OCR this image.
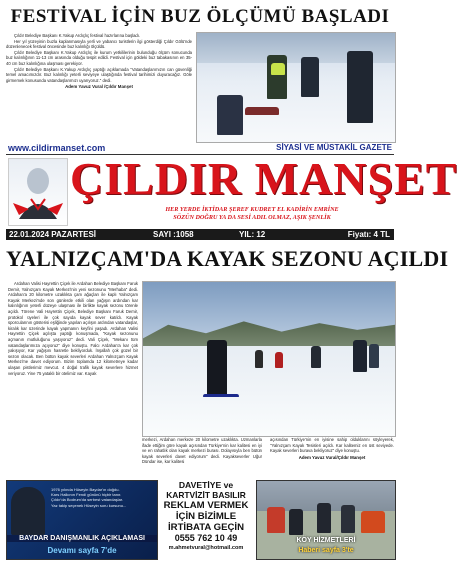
FESTİVAL İÇİN BUZ ÖLÇÜMÜ BAŞLADI
Çıldır Belediye Başkanı K.Yakup Ardıçlıç festival hazırlarına başladı.
Her yıl yüzeyinin buzla kaplanmasıyla yerli ve yabancı turistlerin ilgi gösterdiği Çıldır Gölü'nde düzenlenecek festival öncesinde buz kalınlığı ölçüldü.
Çıldır Belediye Başkanı K.Yakup Ardıçlıç ile kurum yetkililerinin bulunduğu ölçüm sonucunda buz kalınlığının 11-13 cm arasında olduğu tespit edildi. Festival için göldeki buz tabakasının en 35-40 cm buz kalınlığına ulaşması gerekiyor.
Çıldır Belediye Başkanı K.Yakup Ardıçlıç yaptığı açıklamada "Vatandaşlarımızın can güvenliği temel amacımızdır. Buz kalınlığı yeterli seviyeye ulaştığında festival tarihimizi duyuracağız. Göle girmemek konusunda vatandaşlarımızı uyarıyoruz." dedi.
Adem Yavuz Vural /Çıldır Manşet
www.cildirmanset.com	SİYASİ VE MÜSTAKİL GAZETE
ÇILDIR MANŞET
HER YERDE İKTİDAR ŞEREF KUDRET EL KADİRİN EMRİNE
SÖZÜN DOĞRU YA DA SESİ ADIL OLMAZ, AŞIK ŞENLİK
22.01.2024 PAZARTESİ	SAYI :1058	YIL: 12	Fiyatı: 4 TL
YALNIZÇAM'DA KAYAK SEZONU AÇILDI
Ardahan Valisi Hayrettin Çiçek ile Ardahan Belediye Başkanı Faruk Demir, Yalnızçam Kayak Merkezi'nin yeni sezonunu "Merhaba" dedi. Ardahan'a 20 kilometre uzaklıkta çam ağaçları ile kaplı Yalnızçam Kayak Merkezi'nde son günlerde etkili olan yağışın ardından kar kalınlığının yeterli düzeye ulaşması ile birlikte kayak sezonu törenle açıldı. Törene Vali Hayrettin Çiçek, Belediye Başkanı Faruk Demir, protokol üyeleri ile çok sayıda kayak sever katıldı. Kayak sporcularının gösterisi eşliğinde yapılan açılışın ardından vatandaşlar, kiralık kar üzerinde kayak yapmanın keyfini yaşadı. Ardahan Valisi Hayrettin Çiçek açılışta yaptığı konuşmada, "Kayak sezonunu açmanın mutluluğunu yaşıyoruz" dedi. Vali Çiçek, "Mekanı tüm vatandaşlarımıza açıyoruz" diye konuştu. Falcı Ardahan'a kar çok yakışıyor, Kar yağışını hasretle bekliyorduk. İnşallah çok güzel bir sezon olacak. Ben bütün kayak severleri Ardahan Yalnızçam Kayak Merkezi'ne davet ediyorum. Bizim toplamda 12 kilometreye kadar ulaşan pistlerimiz mevcut. 4 doğal trafik kayak severlere hizmet veriyoruz. Yine 75 yataklı bir otelimiz var. Kayak
merkezi, Ardahan merkeze 20 kilometre uzaklıkta. Uzmanlarla ifade ettiğim göre kayak açısından Türkiye'nin kar kalitesi en iyi ve en rahatlık olan kayak merkezi burası. Dolayısıyla ben bütün kayak severleri davet ediyorum" dedi. Kayakseverler Uğur Dündar ise, kar kalitesi
açısından Türkiye'nin en iyisine sahip olduklarını söyleyerek, "Yalnızçam Kayak Tesisleri açıldı. Kar kalitemiz en üst seviyede. Kayak severleri burava bekliyoruz" diye konuştu.
Adem Yavuz Vural/Çıldır Manşet
1976 yılında Hüseyin Baydar'ın doğdu.
Kars Halkının Fendi gününü hiçbir tanır.
Çıldır'da Bodrum'da serbest vatandaşlar.
Yaz takip seçenek Hüseyin soru kursunu...
BAYDAR DANIŞMANLIK AÇIKLAMASI
Devamı sayfa 7'de
DAVETİYE ve
KARTVİZİT BASILIR
REKLAM VERMEK
İÇİN BİZİMLE
İRTİBATA GEÇİN
0555 762 10 49
m.ahmetvural@hotmail.com
KÖY HİZMETLERİ
Haberi sayfa 3'te
